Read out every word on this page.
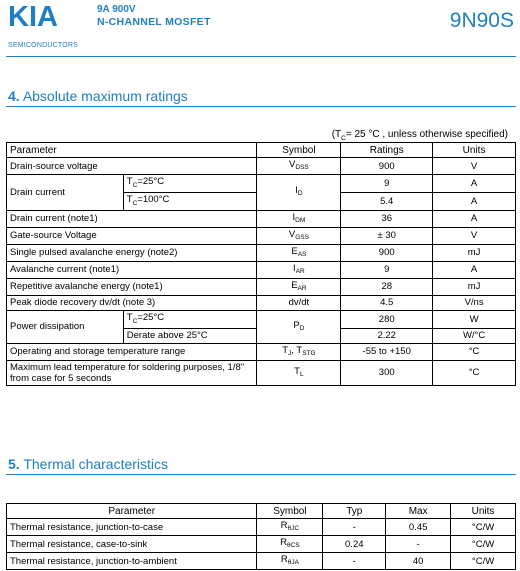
KIA
SEMICONDUCTORS
9A 900V
N-CHANNEL MOSFET	9N90S
4. Absolute maximum ratings
($T_C= 25$ °C , unless otherwise specified)
Parameter		Symbol	Ratings	Units
Drain-source voltage		$V_{DSS}$	900	V
Drain current	$T_C=25^\circ C$	$I_D$	9	A
	$T_C=100^\circ C$		5.4	A
Drain current (note1)		$I_{DM}$	36	A
Gate-source Voltage		$V_{GSS}$	± 30	V
Single pulsed avalanche energy (note2)		$E_{AS}$	900	mJ
Avalanche current (note1)		$I_{AR}$	9	A
Repetitive avalanche energy (note1)		$E_{AR}$	28	mJ
Peak diode recovery dv/dt (note 3)		dv/dt	4.5	V/ns
Power dissipation	$T_C=25^\circ C$	$P_D$	280	W
	Derate above 25°C		2.22	W/°C
Operating and storage temperature range		$T_J$, $T_{STG}$	-55 to +150	°C
Maximum lead temperature for soldering purposes, 1/8" from case for 5 seconds		$T_L$	300	°C
5. Thermal characteristics
Parameter	Symbol	Typ	Max	Units
Thermal resistance, junction-to-case	$R_{\theta JC}$	-	0.45	°C/W
Thermal resistance, case-to-sink	$R_{\theta CS}$	0.24	-	°C/W
Thermal resistance, junction-to-ambient	$R_{\theta JA}$	-	40	°C/W
